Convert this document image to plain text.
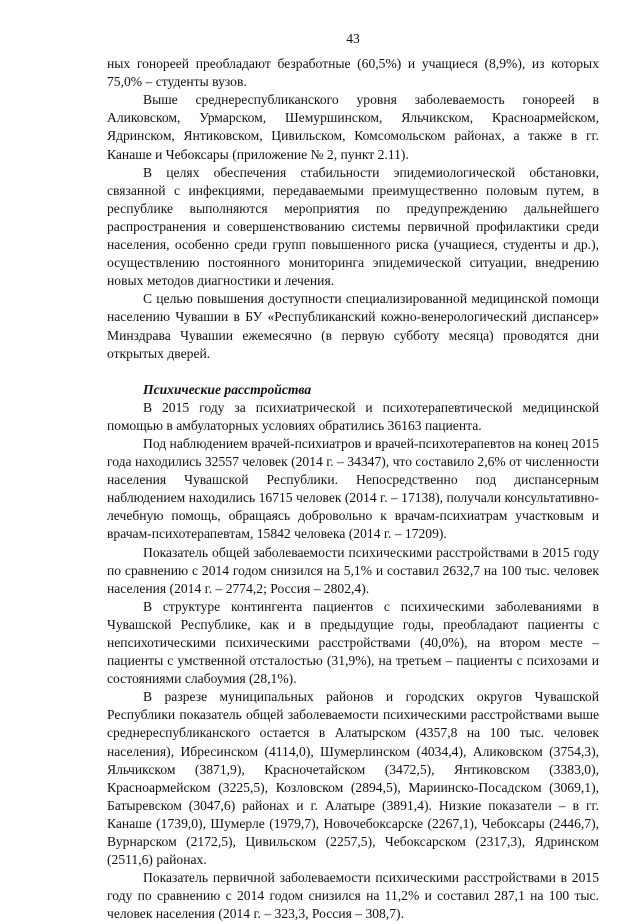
43

ных гонореей преобладают безработные (60,5%) и учащиеся (8,9%), из которых 75,0% – студенты вузов.

Выше среднереспубликанского уровня заболеваемость гонореей в Аликовском, Урмарском, Шемуршинском, Яльчикском, Красноармейском, Ядринском, Янтиковском, Цивильском, Комсомольском районах, а также в гг. Канаше и Чебоксары (приложение № 2, пункт 2.11).

В целях обеспечения стабильности эпидемиологической обстановки, связанной с инфекциями, передаваемыми преимущественно половым путем, в республике выполняются мероприятия по предупреждению дальнейшего распространения и совершенствованию системы первичной профилактики среди населения, особенно среди групп повышенного риска (учащиеся, студенты и др.), осуществлению постоянного мониторинга эпидемической ситуации, внедрению новых методов диагностики и лечения.

С целью повышения доступности специализированной медицинской помощи населению Чувашии в БУ «Республиканский кожно-венерологический диспансер» Минздрава Чувашии ежемесячно (в первую субботу месяца) проводятся дни открытых дверей.

Психические расстройства

В 2015 году за психиатрической и психотерапевтической медицинской помощью в амбулаторных условиях обратились 36163 пациента.

Под наблюдением врачей-психиатров и врачей-психотерапевтов на конец 2015 года находились 32557 человек (2014 г. – 34347), что составило 2,6% от численности населения Чувашской Республики. Непосредственно под диспансерным наблюдением находились 16715 человек (2014 г. – 17138), получали консультативно-лечебную помощь, обращаясь добровольно к врачам-психиатрам участковым и врачам-психотерапевтам, 15842 человека (2014 г. – 17209).

Показатель общей заболеваемости психическими расстройствами в 2015 году по сравнению с 2014 годом снизился на 5,1% и составил 2632,7 на 100 тыс. человек населения (2014 г. – 2774,2; Россия – 2802,4).

В структуре контингента пациентов с психическими заболеваниями в Чувашской Республике, как и в предыдущие годы, преобладают пациенты с непсихотическими психическими расстройствами (40,0%), на втором месте – пациенты с умственной отсталостью (31,9%), на третьем – пациенты с психозами и состояниями слабоумия (28,1%).

В разрезе муниципальных районов и городских округов Чувашской Республики показатель общей заболеваемости психическими расстройствами выше среднереспубликанского остается в Алатырском (4357,8 на 100 тыс. человек населения), Ибресинском (4114,0), Шумерлинском (4034,4), Аликовском (3754,3), Яльчикском (3871,9), Красночетайском (3472,5), Янтиковском (3383,0), Красноармейском (3225,5), Козловском (2894,5), Мариинско-Посадском (3069,1), Батыревском (3047,6) районах и г. Алатыре (3891,4). Низкие показатели – в гг. Канаше (1739,0), Шумерле (1979,7), Новочебоксарске (2267,1), Чебоксары (2446,7), Вурнарском (2172,5), Цивильском (2257,5), Чебоксарском (2317,3), Ядринском (2511,6) районах.

Показатель первичной заболеваемости психическими расстройствами в 2015 году по сравнению с 2014 годом снизился на 11,2% и составил 287,1 на 100 тыс. человек населения (2014 г. – 323,3, Россия – 308,7).
